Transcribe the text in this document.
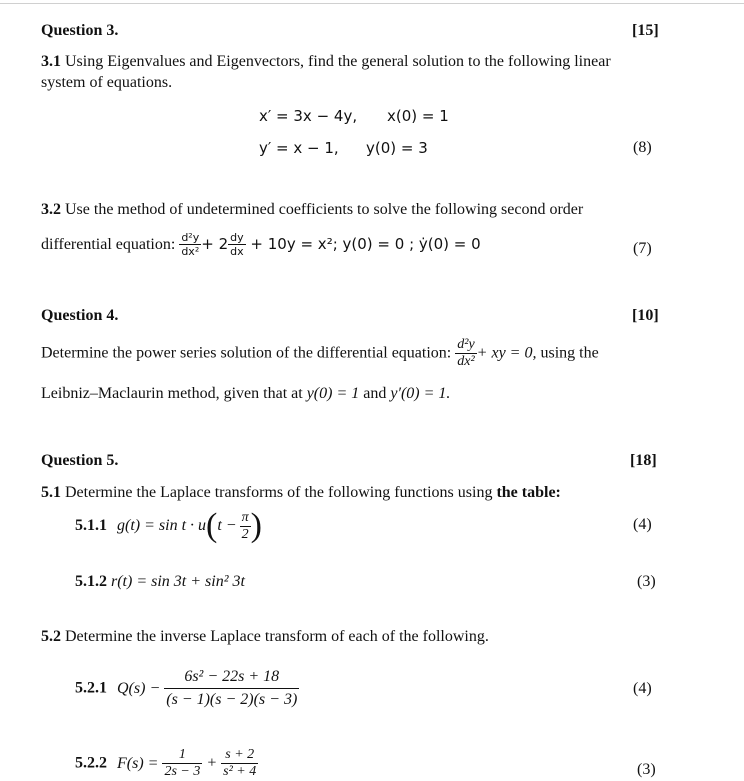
Question 3.	[15]
3.1 Using Eigenvalues and Eigenvectors, find the general solution to the following linear
system of equations.
x′ = 3x − 4y, x(0) = 1
y′ = x − 1, y(0) = 3	(8)
3.2 Use the method of undetermined coefficients to solve the following second order
differential equation: $\frac{\text{d²y}}{\text{dx²}} + 2 \frac{dy}{dx} + 10y = x^2$; y(0) = 0 ; ẏ(0) = 0	(7)
Question 4.	[10]
Determine the power series solution of the differential equation: $\frac{\text{d²y}}{\text{dx²}}$ + xy = 0, using the
Leibniz–Maclaurin method, given that at y(0) = 1 and y′(0) = 1.
Question 5.	[18]
5.1 Determine the Laplace transforms of the following functions using the table:
5.1.1 $g(t) = \sin t \cdot u(t - \frac{\pi}{2}$ )	(4)
5.1.2 r(t) = sin 3t + sin² 3t	(3)
5.2 Determine the inverse Laplace transform of each of the following.
5.2.1 $Q(s) - \frac{\text{6s² − 22s + 18}}{(s - 1)(s - 2)(s - 3)}$	(4)
5.2.2 $F(s) = \frac{1}{2s - 3} + \frac{s + 2}{\text{s² + 4}}$	(3)
